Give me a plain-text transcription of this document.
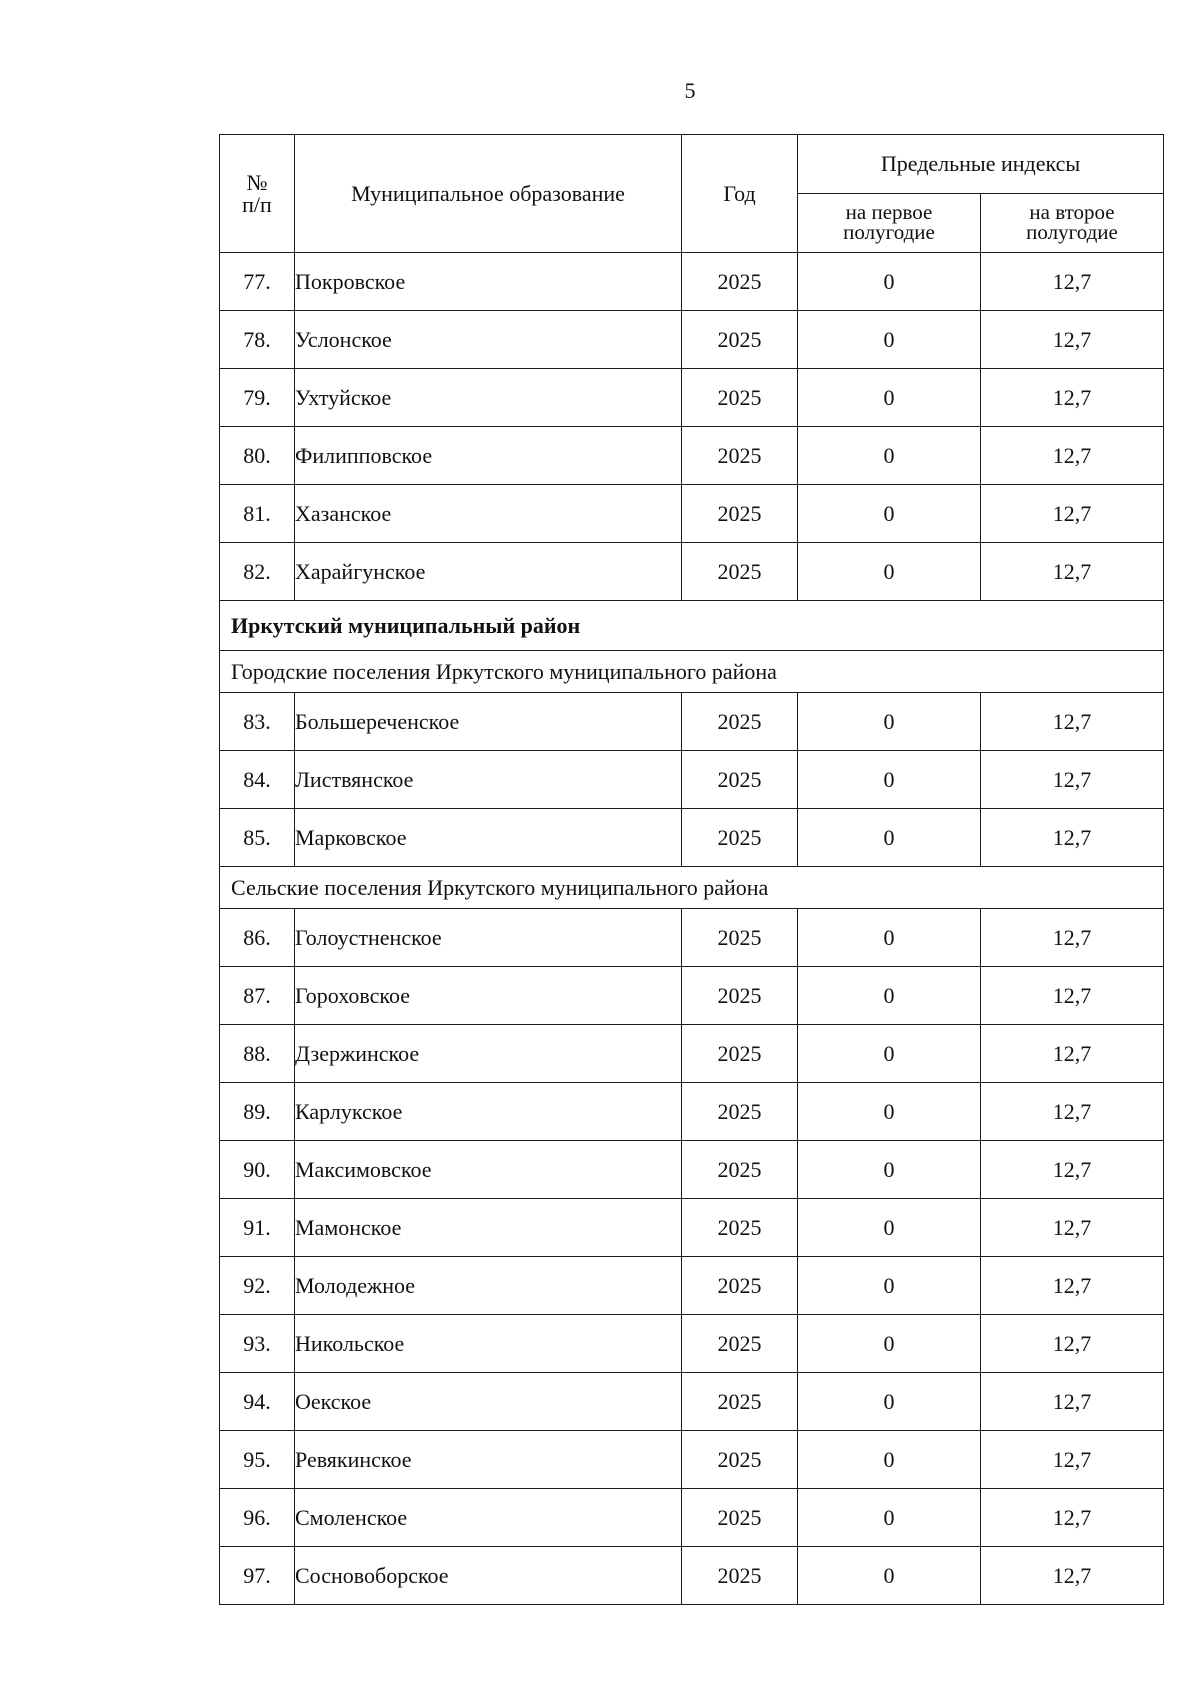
5
№
п/п	Муниципальное образование	Год	Предельные индексы	
			на первое полугодие	на второе полугодие
77.	Покровское	2025	0	12,7
78.	Услонское	2025	0	12,7
79.	Ухтуйское	2025	0	12,7
80.	Филипповское	2025	0	12,7
81.	Хазанское	2025	0	12,7
82.	Харайгунское	2025	0	12,7
Иркутский муниципальный район				
Городские поселения Иркутского муниципального района				
83.	Большереченское	2025	0	12,7
84.	Листвянское	2025	0	12,7
85.	Марковское	2025	0	12,7
Сельские поселения Иркутского муниципального района				
86.	Голоустненское	2025	0	12,7
87.	Гороховское	2025	0	12,7
88.	Дзержинское	2025	0	12,7
89.	Карлукское	2025	0	12,7
90.	Максимовское	2025	0	12,7
91.	Мамонское	2025	0	12,7
92.	Молодежное	2025	0	12,7
93.	Никольское	2025	0	12,7
94.	Оекское	2025	0	12,7
95.	Ревякинское	2025	0	12,7
96.	Смоленское	2025	0	12,7
97.	Сосновоборское	2025	0	12,7
